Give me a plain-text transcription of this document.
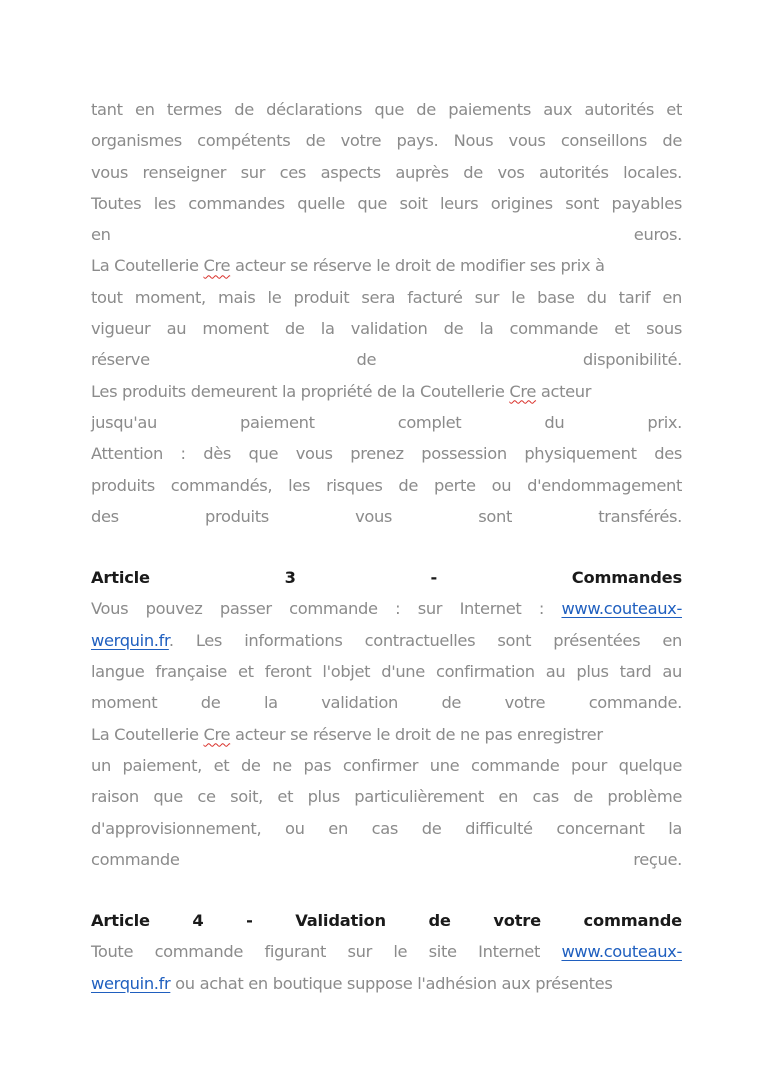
tant en termes de déclarations que de paiements aux autorités et
organismes compétents de votre pays. Nous vous conseillons de
vous renseigner sur ces aspects auprès de vos autorités locales.
Toutes les commandes quelle que soit leurs origines sont payables
en euros.
La Coutellerie Cre acteur se réserve le droit de modifier ses prix à
tout moment, mais le produit sera facturé sur le base du tarif en
vigueur au moment de la validation de la commande et sous
réserve de disponibilité.
Les produits demeurent la propriété de la Coutellerie Cre acteur
jusqu'au paiement complet du prix.
Attention : dès que vous prenez possession physiquement des
produits commandés, les risques de perte ou d'endommagement
des produits vous sont transférés.
Article 3 - Commandes
Vous pouvez passer commande : sur Internet : www.couteaux-
werquin.fr. Les informations contractuelles sont présentées en
langue française et feront l'objet d'une confirmation au plus tard au
moment de la validation de votre commande.
La Coutellerie Cre acteur se réserve le droit de ne pas enregistrer
un paiement, et de ne pas confirmer une commande pour quelque
raison que ce soit, et plus particulièrement en cas de problème
d'approvisionnement, ou en cas de difficulté concernant la
commande reçue.
Article 4 - Validation de votre commande
Toute commande figurant sur le site Internet www.couteaux-
werquin.fr ou achat en boutique suppose l'adhésion aux présentes
